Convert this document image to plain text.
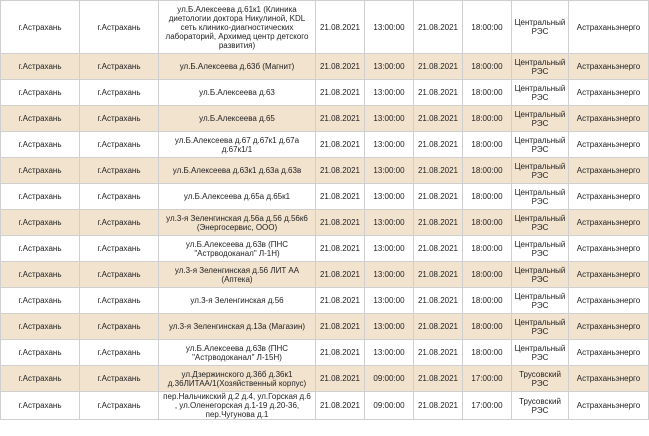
г.Астрахань	г.Астрахань	ул.Б.Алексеева д.61к1 (Клиника диетологии доктора Никулиной, KDL сеть клинико-диагностических лабораторий, Архимед центр детского развития)	21.08.2021	13:00:00	21.08.2021	18:00:00	Центральный РЭС	Астраханьэнерго
г.Астрахань	г.Астрахань	ул.Б.Алексеева д.63б (Магнит)	21.08.2021	13:00:00	21.08.2021	18:00:00	Центральный РЭС	Астраханьэнерго
г.Астрахань	г.Астрахань	ул.Б.Алексеева д.63	21.08.2021	13:00:00	21.08.2021	18:00:00	Центральный РЭС	Астраханьэнерго
г.Астрахань	г.Астрахань	ул.Б.Алексеева д.65	21.08.2021	13:00:00	21.08.2021	18:00:00	Центральный РЭС	Астраханьэнерго
г.Астрахань	г.Астрахань	ул.Б.Алексеева д.67 д.67к1 д.67а д.67к1/1	21.08.2021	13:00:00	21.08.2021	18:00:00	Центральный РЭС	Астраханьэнерго
г.Астрахань	г.Астрахань	ул.Б.Алексеева д.63к1 д.63а д.63в	21.08.2021	13:00:00	21.08.2021	18:00:00	Центральный РЭС	Астраханьэнерго
г.Астрахань	г.Астрахань	ул.Б.Алексеева д.65а д.65к1	21.08.2021	13:00:00	21.08.2021	18:00:00	Центральный РЭС	Астраханьэнерго
г.Астрахань	г.Астрахань	ул.3-я Зеленгинская д.56а д.56 д.56к6 (Энергосервис, ООО)	21.08.2021	13:00:00	21.08.2021	18:00:00	Центральный РЭС	Астраханьэнерго
г.Астрахань	г.Астрахань	ул.Б.Алексеева д.63в (ПНС "Астрводоканал" Л-1Н)	21.08.2021	13:00:00	21.08.2021	18:00:00	Центральный РЭС	Астраханьэнерго
г.Астрахань	г.Астрахань	ул.3-я Зеленгинская д.56 ЛИТ АА (Аптека)	21.08.2021	13:00:00	21.08.2021	18:00:00	Центральный РЭС	Астраханьэнерго
г.Астрахань	г.Астрахань	ул.3-я Зеленгинская д.56	21.08.2021	13:00:00	21.08.2021	18:00:00	Центральный РЭС	Астраханьэнерго
г.Астрахань	г.Астрахань	ул.3-я Зеленгинская д.13а (Магазин)	21.08.2021	13:00:00	21.08.2021	18:00:00	Центральный РЭС	Астраханьэнерго
г.Астрахань	г.Астрахань	ул.Б.Алексеева д.63в (ПНС "Астрводоканал" Л-15Н)	21.08.2021	13:00:00	21.08.2021	18:00:00	Центральный РЭС	Астраханьэнерго
г.Астрахань	г.Астрахань	ул.Дзержинского д.36б д.36к1 д.36ЛИТАА/1(Хозяйственный корпус)	21.08.2021	09:00:00	21.08.2021	17:00:00	Трусовский РЭС	Астраханьэнерго
г.Астрахань	г.Астрахань	пер.Нальчикский д.2 д.4, ул.Горская д.6 , ул.Оленегорская д.1-19 д.20-36, пер.Чугунова д.1	21.08.2021	09:00:00	21.08.2021	17:00:00	Трусовский РЭС	Астраханьэнерго
